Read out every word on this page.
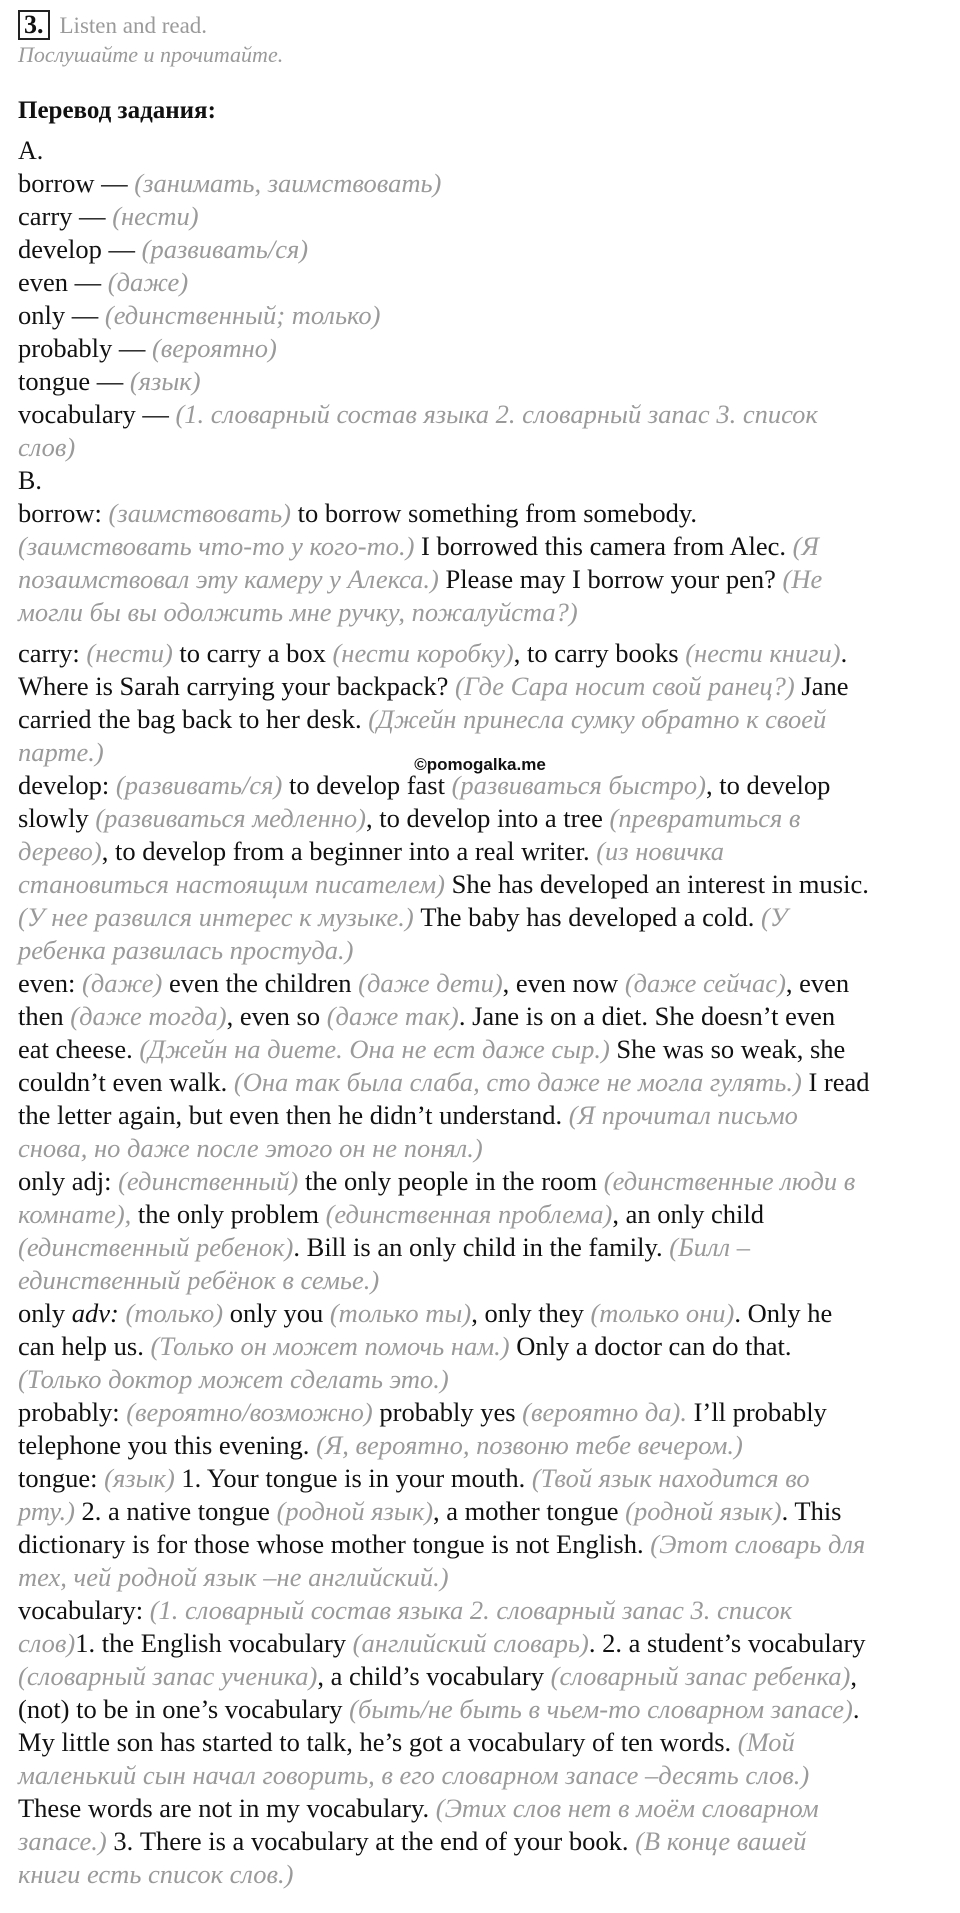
3. Listen and read.
Послушайте и прочитайте.
Перевод задания:
A.
borrow — (занимать, заимствовать)
carry — (нести)
develop — (развивать/ся)
even — (даже)
only — (единственный; только)
probably — (вероятно)
tongue — (язык)
vocabulary — (1. словарный состав языка 2. словарный запас 3. список
слов)
B.
borrow: (заимствовать) to borrow something from somebody.
(заимствовать что-то у кого-то.) I borrowed this camera from Alec. (Я
позаимствовал эту камеру у Алекса.) Please may I borrow your pen? (Не
могли бы вы одолжить мне ручку, пожалуйста?)
carry: (нести) to carry a box (нести коробку), to carry books (нести книги).
Where is Sarah carrying your backpack? (Где Сара носит свой ранец?) Jane
carried the bag back to her desk. (Джейн принесла сумку обратно к своей
парте.)
develop: (развивать/ся) to develop fast (развиваться быстро), to develop
slowly (развиваться медленно), to develop into a tree (превратиться в
дерево), to develop from a beginner into a real writer. (из новичка
становиться настоящим писателем) She has developed an interest in music.
(У нее развился интерес к музыке.) The baby has developed a cold. (У
ребенка развилась простуда.)
even: (даже) even the children (даже дети), even now (даже сейчас), even
then (даже тогда), even so (даже так). Jane is on a diet. She doesn’t even
eat cheese. (Джейн на диете. Она не ест даже сыр.) She was so weak, she
couldn’t even walk. (Она так была слаба, сто даже не могла гулять.) I read
the letter again, but even then he didn’t understand. (Я прочитал письмо
снова, но даже после этого он не понял.)
only adj: (единственный) the only people in the room (единственные люди в
комнате), the only problem (единственная проблема), an only child
(единственный ребенок). Bill is an only child in the family. (Билл –
единственный ребёнок в семье.)
only adv: (только) only you (только ты), only they (только они). Only he
can help us. (Только он может помочь нам.) Only a doctor can do that.
(Только доктор может сделать это.)
probably: (вероятно/возможно) probably yes (вероятно да). I’ll probably
telephone you this evening. (Я, вероятно, позвоню тебе вечером.)
tongue: (язык) 1. Your tongue is in your mouth. (Твой язык находится во
рту.) 2. a native tongue (родной язык), a mother tongue (родной язык). This
dictionary is for those whose mother tongue is not English. (Этот словарь для
тех, чей родной язык –не английский.)
vocabulary: (1. словарный состав языка 2. словарный запас 3. список
слов)1. the English vocabulary (английский словарь). 2. a student’s vocabulary
(словарный запас ученика), a child’s vocabulary (словарный запас ребенка),
(not) to be in one’s vocabulary (быть/не быть в чьем-то словарном запасе).
My little son has started to talk, he’s got a vocabulary of ten words. (Мой
маленький сын начал говорить, в его словарном запасе –десять слов.)
These words are not in my vocabulary. (Этих слов нет в моём словарном
запасе.) 3. There is a vocabulary at the end of your book. (В конце вашей
книги есть список слов.)
©pomogalka.me
